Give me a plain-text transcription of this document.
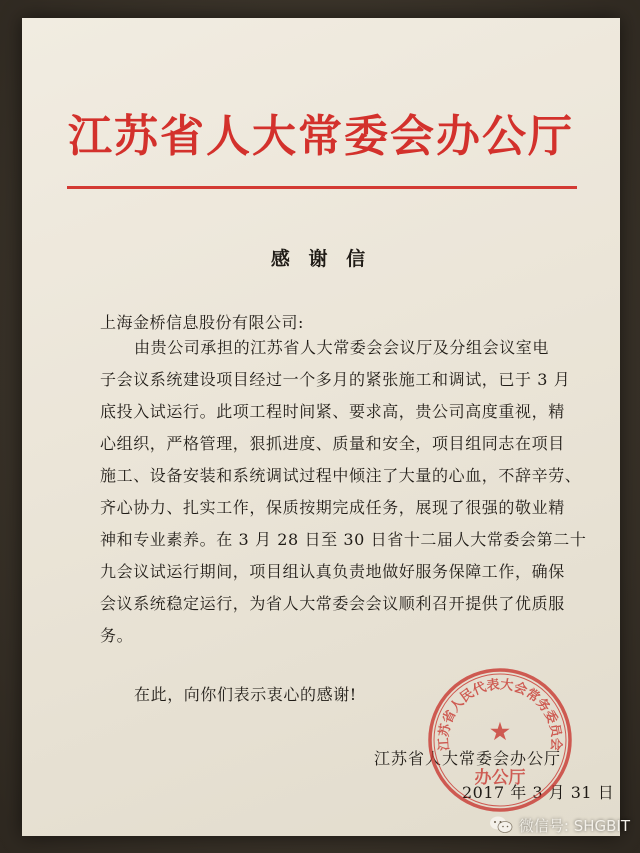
江苏省人大常委会办公厅
感 谢 信
上海金桥信息股份有限公司:
由贵公司承担的江苏省人大常委会会议厅及分组会议室电
子会议系统建设项目经过一个多月的紧张施工和调试，已于 3 月
底投入试运行。此项工程时间紧、要求高，贵公司高度重视，精
心组织，严格管理，狠抓进度、质量和安全，项目组同志在项目
施工、设备安装和系统调试过程中倾注了大量的心血，不辞辛劳、
齐心协力、扎实工作，保质按期完成任务，展现了很强的敬业精
神和专业素养。在 3 月 28 日至 30 日省十二届人大常委会第二十
九会议试运行期间，项目组认真负责地做好服务保障工作，确保
会议系统稳定运行，为省人大常委会会议顺利召开提供了优质服
务。
在此，向你们表示衷心的感谢!
江苏省人大常委会办公厅
2017 年 3 月 31 日
江苏省人民代表大会常务委员会
★
办公厅
微信号: SHGBIT
